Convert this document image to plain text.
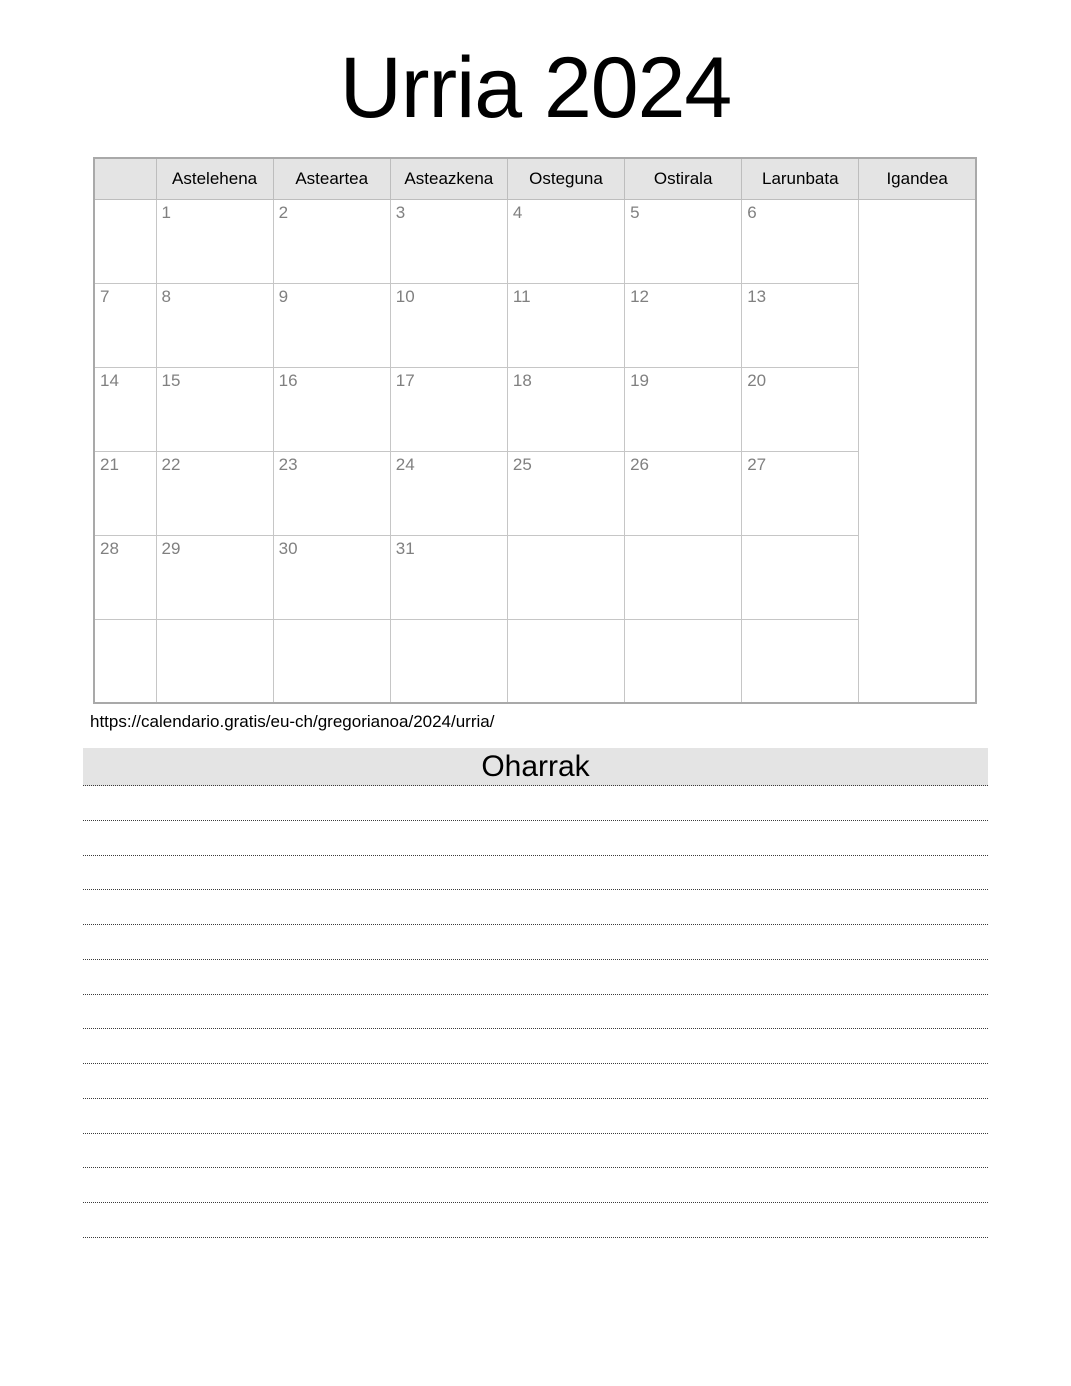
Urria 2024
	Astelehena	Asteartea	Asteazkena	Osteguna	Ostirala	Larunbata	Igandea
	1	2	3	4	5	6	
7	8	9	10	11	12	13	
14	15	16	17	18	19	20	
21	22	23	24	25	26	27	
28	29	30	31				

https://calendario.gratis/eu-ch/gregorianoa/2024/urria/
Oharrak
